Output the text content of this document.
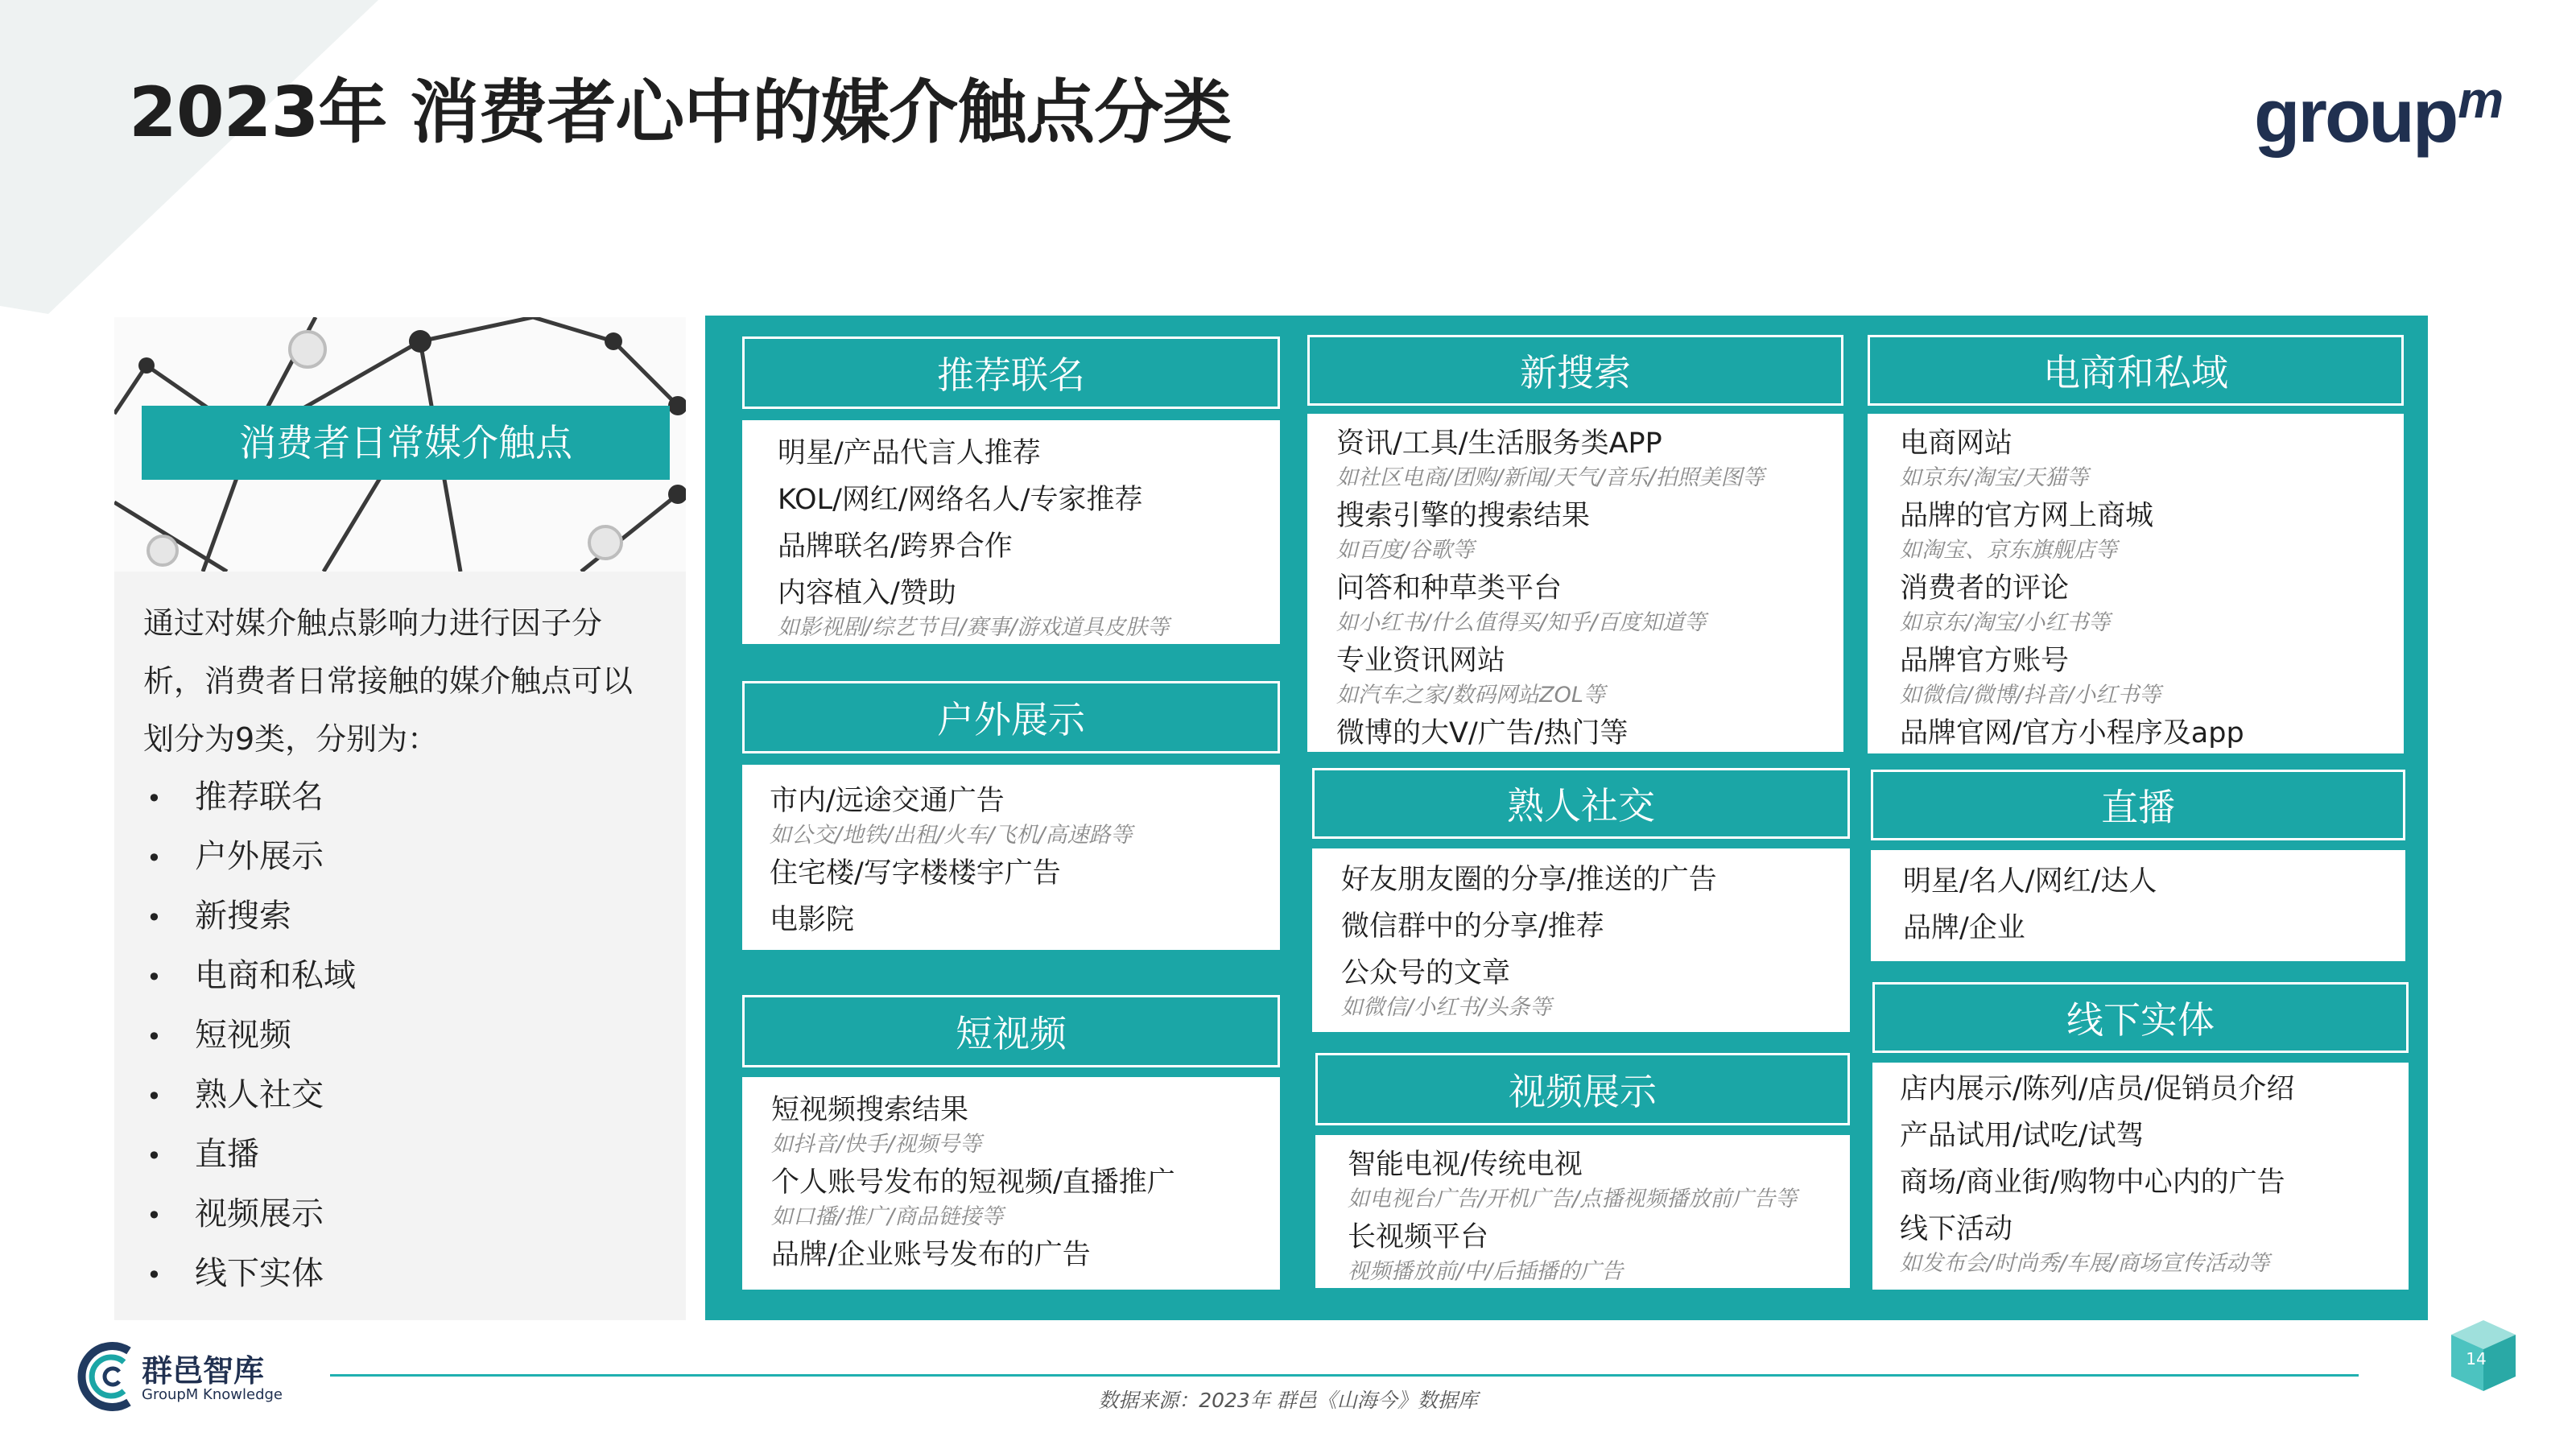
2023年 消费者心中的媒介触点分类	group$^m$
消费者日常媒介触点
通过对媒介触点影响力进行因子分析，消费者日常接触的媒介触点可以划分为9类，分别为：
• 推荐联名
• 户外展示
• 新搜索
• 电商和私域
• 短视频
• 熟人社交
• 直播
• 视频展示
• 线下实体
推荐联名
明星/产品代言人推荐
KOL/网红/网络名人/专家推荐
品牌联名/跨界合作
内容植入/赞助
如影视剧/综艺节目/赛事/游戏道具皮肤等
户外展示
市内/远途交通广告
如公交/地铁/出租/火车/飞机/高速路等
住宅楼/写字楼楼宇广告
电影院
短视频
短视频搜索结果
如抖音/快手/视频号等
个人账号发布的短视频/直播推广
如口播/推广/商品链接等
品牌/企业账号发布的广告
新搜索
资讯/工具/生活服务类APP
如社区电商/团购/新闻/天气/音乐/拍照美图等
搜索引擎的搜索结果
如百度/谷歌等
问答和种草类平台
如小红书/什么值得买/知乎/百度知道等
专业资讯网站
如汽车之家/数码网站ZOL等
微博的大V/广告/热门等
熟人社交
好友朋友圈的分享/推送的广告
微信群中的分享/推荐
公众号的文章
如微信/小红书/头条等
视频展示
智能电视/传统电视
如电视台广告/开机广告/点播视频播放前广告等
长视频平台
视频播放前/中/后插播的广告
电商和私域
电商网站
如京东/淘宝/天猫等
品牌的官方网上商城
如淘宝、京东旗舰店等
消费者的评论
如京东/淘宝/小红书等
品牌官方账号
如微信/微博/抖音/小红书等
品牌官网/官方小程序及app
直播
明星/名人/网红/达人
品牌/企业
线下实体
店内展示/陈列/店员/促销员介绍
产品试用/试吃/试驾
商场/商业街/购物中心内的广告
线下活动
如发布会/时尚秀/车展/商场宣传活动等
群邑智库
GroupM Knowledge	数据来源：2023年 群邑《山海今》数据库
14
